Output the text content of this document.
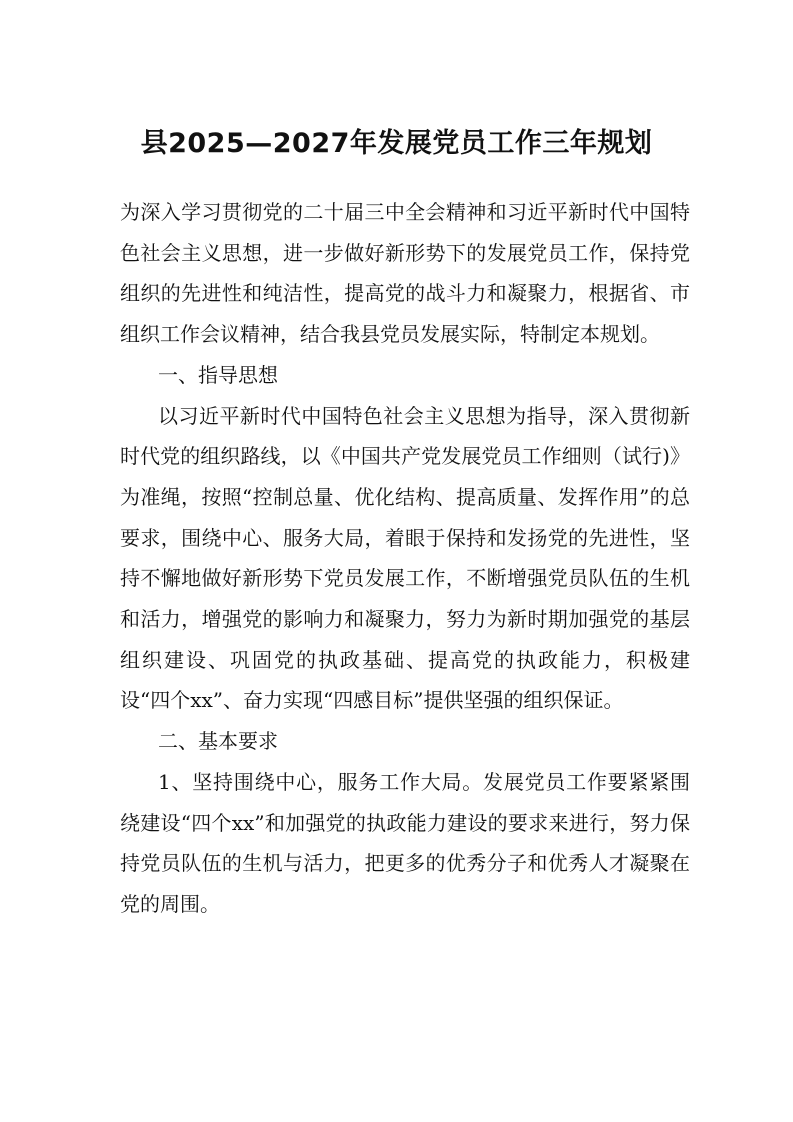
县2025—2027年发展党员工作三年规划

为深入学习贯彻党的二十届三中全会精神和习近平新时代中国特色社会主义思想，进一步做好新形势下的发展党员工作，保持党组织的先进性和纯洁性，提高党的战斗力和凝聚力，根据省、市组织工作会议精神，结合我县党员发展实际，特制定本规划。

一、指导思想

以习近平新时代中国特色社会主义思想为指导，深入贯彻新时代党的组织路线，以《中国共产党发展党员工作细则（试行)》为准绳，按照“控制总量、优化结构、提高质量、发挥作用”的总要求，围绕中心、服务大局，着眼于保持和发扬党的先进性，坚持不懈地做好新形势下党员发展工作，不断增强党员队伍的生机和活力，增强党的影响力和凝聚力，努力为新时期加强党的基层组织建设、巩固党的执政基础、提高党的执政能力，积极建设“四个xx”、奋力实现“四感目标”提供坚强的组织保证。

二、基本要求

1、坚持围绕中心，服务工作大局。发展党员工作要紧紧围绕建设“四个xx”和加强党的执政能力建设的要求来进行，努力保持党员队伍的生机与活力，把更多的优秀分子和优秀人才凝聚在党的周围。
